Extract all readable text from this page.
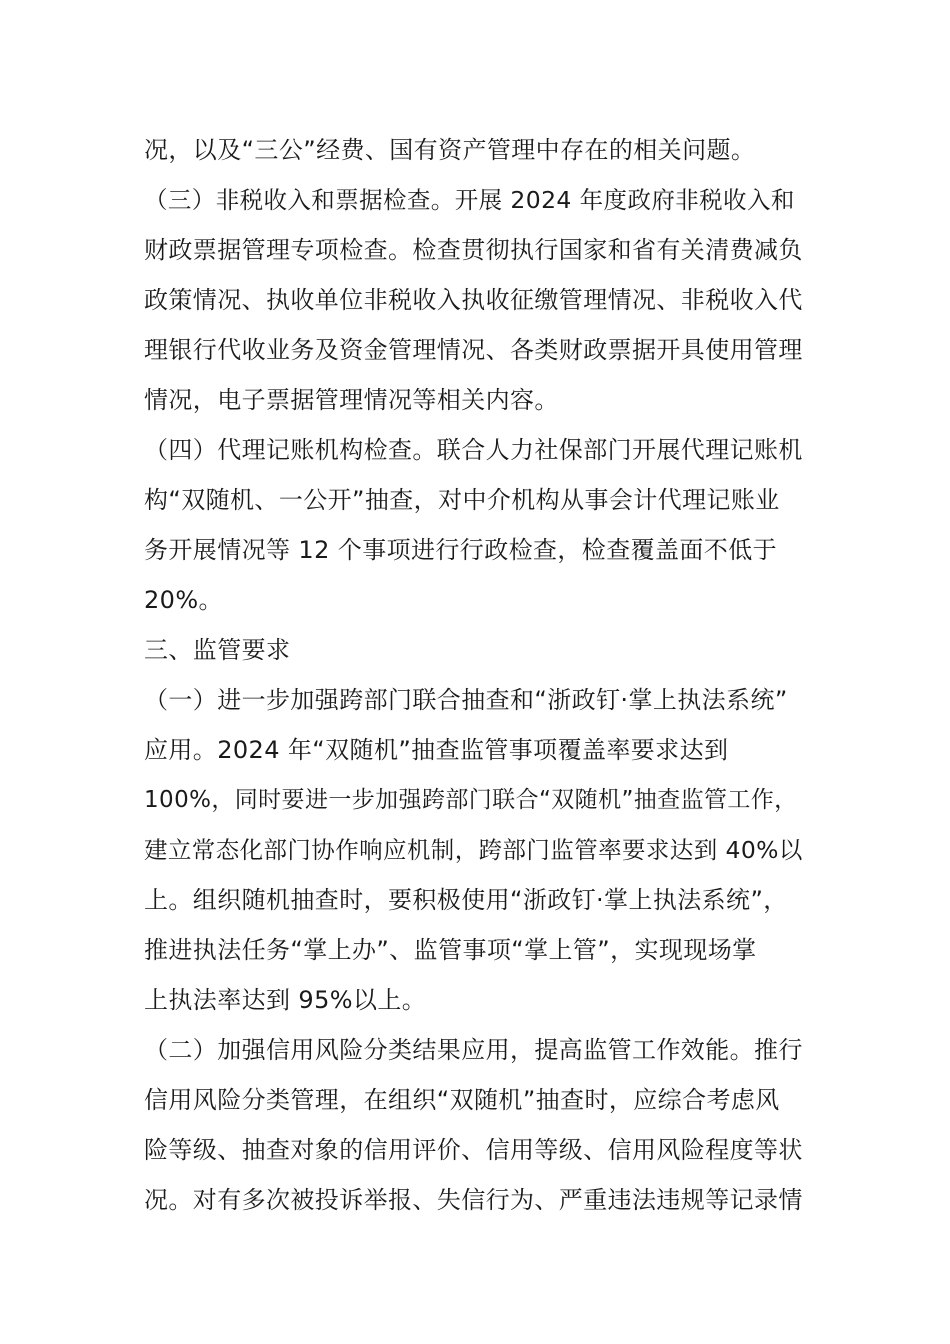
况，以及“三公”经费、国有资产管理中存在的相关问题。
（三）非税收入和票据检查。开展 2024 年度政府非税收入和
财政票据管理专项检查。检查贯彻执行国家和省有关清费减负
政策情况、执收单位非税收入执收征缴管理情况、非税收入代
理银行代收业务及资金管理情况、各类财政票据开具使用管理
情况，电子票据管理情况等相关内容。
（四）代理记账机构检查。联合人力社保部门开展代理记账机
构“双随机、一公开”抽查，对中介机构从事会计代理记账业
务开展情况等 12 个事项进行行政检查，检查覆盖面不低于
20%。
三、监管要求
（一）进一步加强跨部门联合抽查和“浙政钉·掌上执法系统”
应用。2024 年“双随机”抽查监管事项覆盖率要求达到
100%，同时要进一步加强跨部门联合“双随机”抽查监管工作，
建立常态化部门协作响应机制，跨部门监管率要求达到 40%以
上。组织随机抽查时，要积极使用“浙政钉·掌上执法系统”，
推进执法任务“掌上办”、监管事项“掌上管”，实现现场掌
上执法率达到 95%以上。
（二）加强信用风险分类结果应用，提高监管工作效能。推行
信用风险分类管理，在组织“双随机”抽查时，应综合考虑风
险等级、抽查对象的信用评价、信用等级、信用风险程度等状
况。对有多次被投诉举报、失信行为、严重违法违规等记录情
